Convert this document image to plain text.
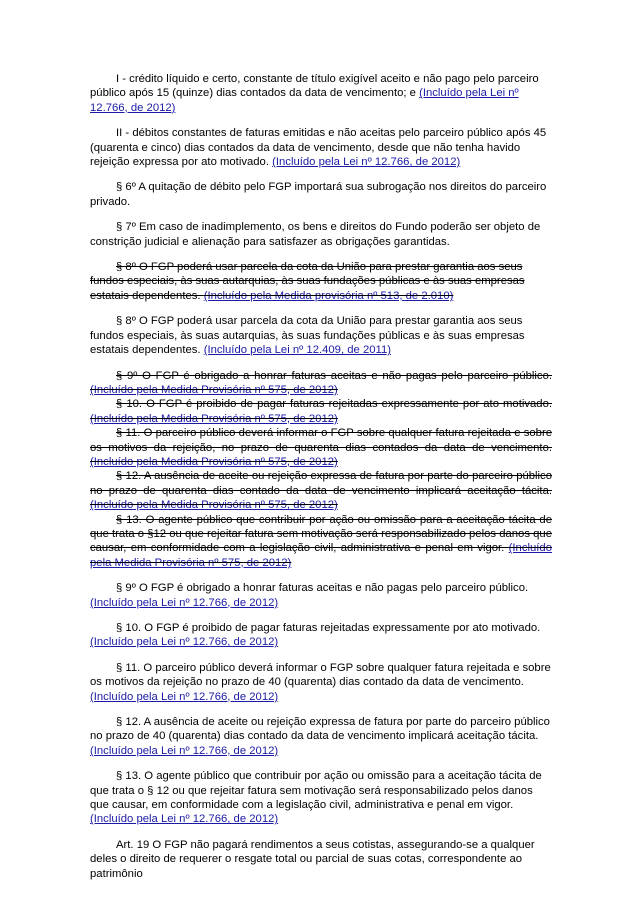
I - crédito líquido e certo, constante de título exigível aceito e não pago pelo parceiro público após 15 (quinze) dias contados da data de vencimento; e (Incluído pela Lei nº 12.766, de 2012)

II - débitos constantes de faturas emitidas e não aceitas pelo parceiro público após 45 (quarenta e cinco) dias contados da data de vencimento, desde que não tenha havido rejeição expressa por ato motivado. (Incluído pela Lei nº 12.766, de 2012)

§ 6º A quitação de débito pelo FGP importará sua subrogação nos direitos do parceiro privado.

§ 7º Em caso de inadimplemento, os bens e direitos do Fundo poderão ser objeto de constrição judicial e alienação para satisfazer as obrigações garantidas.

§ 8º O FGP poderá usar parcela da cota da União para prestar garantia aos seus fundos especiais, às suas autarquias, às suas fundações públicas e às suas empresas estatais dependentes. (Incluído pela Medida provisória nº 513, de 2.010)

§ 8º O FGP poderá usar parcela da cota da União para prestar garantia aos seus fundos especiais, às suas autarquias, às suas fundações públicas e às suas empresas estatais dependentes. (Incluído pela Lei nº 12.409, de 2011)

§ 9º O FGP é obrigado a honrar faturas aceitas e não pagas pelo parceiro público. (Incluído pela Medida Provisória nº 575, de 2012)

§ 10. O FGP é proibido de pagar faturas rejeitadas expressamente por ato motivado. (Incluído pela Medida Provisória nº 575, de 2012)

§ 11. O parceiro público deverá informar o FGP sobre qualquer fatura rejeitada e sobre os motivos da rejeição, no prazo de quarenta dias contados da data de vencimento. (Incluído pela Medida Provisória nº 575, de 2012)

§ 12. A ausência de aceite ou rejeição expressa de fatura por parte do parceiro público no prazo de quarenta dias contado da data de vencimento implicará aceitação tácita. (Incluído pela Medida Provisória nº 575, de 2012)

§ 13. O agente público que contribuir por ação ou omissão para a aceitação tácita de que trata o §12 ou que rejeitar fatura sem motivação será responsabilizado pelos danos que causar, em conformidade com a legislação civil, administrativa e penal em vigor. (Incluído pela Medida Provisória nº 575, de 2012)

§ 9º O FGP é obrigado a honrar faturas aceitas e não pagas pelo parceiro público. (Incluído pela Lei nº 12.766, de 2012)

§ 10. O FGP é proibido de pagar faturas rejeitadas expressamente por ato motivado. (Incluído pela Lei nº 12.766, de 2012)

§ 11. O parceiro público deverá informar o FGP sobre qualquer fatura rejeitada e sobre os motivos da rejeição no prazo de 40 (quarenta) dias contado da data de vencimento. (Incluído pela Lei nº 12.766, de 2012)

§ 12. A ausência de aceite ou rejeição expressa de fatura por parte do parceiro público no prazo de 40 (quarenta) dias contado da data de vencimento implicará aceitação tácita. (Incluído pela Lei nº 12.766, de 2012)

§ 13. O agente público que contribuir por ação ou omissão para a aceitação tácita de que trata o § 12 ou que rejeitar fatura sem motivação será responsabilizado pelos danos que causar, em conformidade com a legislação civil, administrativa e penal em vigor. (Incluído pela Lei nº 12.766, de 2012)

Art. 19 O FGP não pagará rendimentos a seus cotistas, assegurando-se a qualquer deles o direito de requerer o resgate total ou parcial de suas cotas, correspondente ao patrimônio
